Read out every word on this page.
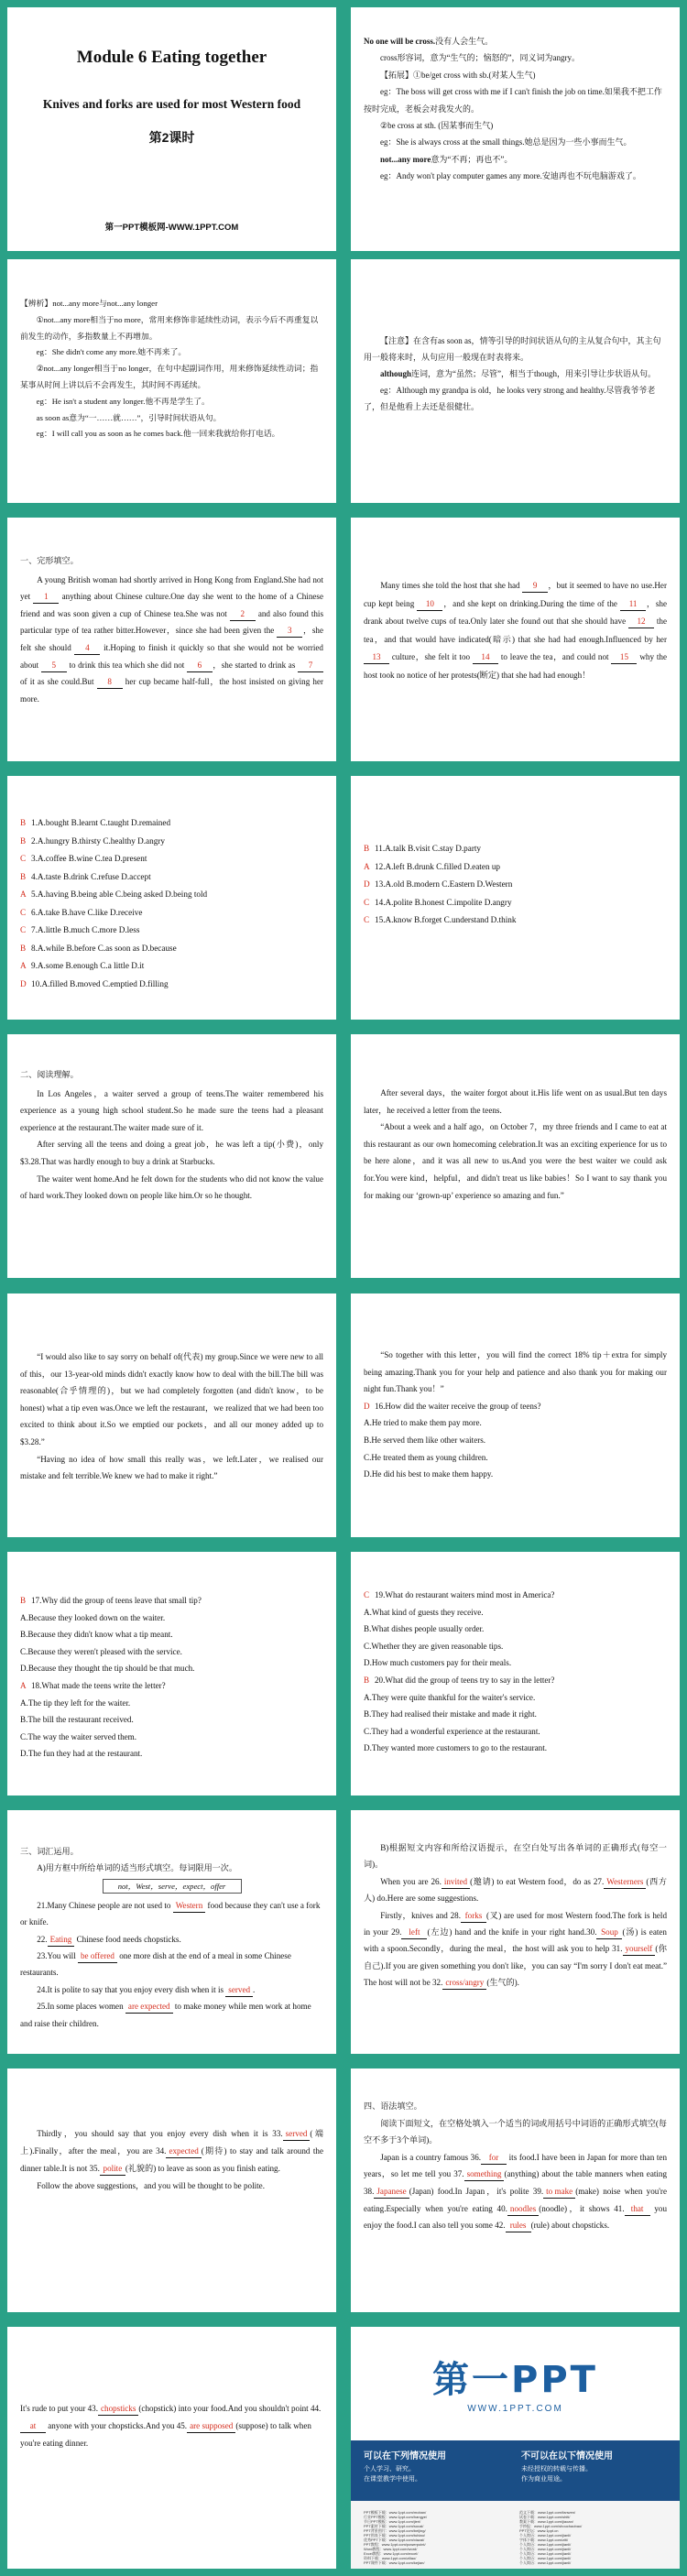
Module 6 Eating together
Knives and forks are used for most Western food
第2课时
第一PPT模板网-WWW.1PPT.COM

No one will be cross.没有人会生气。

cross形容词，意为“生气的；恼怒的”，同义词为angry。

【拓展】①be/get cross with sb.(对某人生气)

eg：The boss will get cross with me if I can't finish the job on time.如果我不把工作按时完成，老板会对我发火的。

②be cross at sth. (因某事而生气)

eg：She is always cross at the small things.她总是因为一些小事而生气。

not...any more意为“不再；再也不”。

eg：Andy won't play computer games any more.安迪再也不玩电脑游戏了。

【辨析】not...any more与not...any longer

①not...any more相当于no more，常用来修饰非延续性动词，表示今后不再重复以前发生的动作，多指数量上不再增加。

eg：She didn't come any more.她不再来了。

②not...any longer相当于no longer，在句中起副词作用，用来修饰延续性动词；指某事从时间上讲以后不会再发生，其时间不再延续。

eg：He isn't a student any longer.他不再是学生了。

as soon as意为“一……就……”，引导时间状语从句。

eg：I will call you as soon as he comes back.他一回来我就给你打电话。

【注意】在含有as soon as，情等引导的时间状语从句的主从复合句中，其主句用一般将来时，从句应用一般现在时表将来。

although连词，意为“虽然；尽管”，相当于though，用来引导让步状语从句。

eg：Although my grandpa is old，he looks very strong and healthy.尽管我爷爷老了，但是他看上去还是很健壮。

一、完形填空。

A young British woman had shortly arrived in Hong Kong from England.She had not yet 1 anything about Chinese culture.One day she went to the home of a Chinese friend and was soon given a cup of Chinese tea.She was not 2 and also found this particular type of tea rather bitter.However，since she had been given the 3 ，she felt she should 4 it.Hoping to finish it quickly so that she would not be worried about 5 to drink this tea which she did not 6 ，she started to drink as 7 of it as she could.But 8 her cup became half-full，the host insisted on giving her more.

Many times she told the host that she had 9 ，but it seemed to have no use.Her cup kept being 10 ，and she kept on drinking.During the time of the 11 ，she drank about twelve cups of tea.Only later she found out that she should have 12 the tea，and that would have indicated(暗示) that she had had enough.Influenced by her 13 culture，she felt it too 14 to leave the tea，and could not 15 why the host took no notice of her protests(断定) that she had had enough！

B 1.A.bought B.learnt C.taught D.remained
B 2.A.hungry B.thirsty C.healthy D.angry
C 3.A.coffee B.wine C.tea D.present
B 4.A.taste B.drink C.refuse D.accept
A 5.A.having B.being able C.being asked D.being told
C 6.A.take B.have C.like D.receive
C 7.A.little B.much C.more D.less
B 8.A.while B.before C.as soon as D.because
A 9.A.some B.enough C.a little D.it
D 10.A.filled B.moved C.emptied D.filling
B 11.A.talk B.visit C.stay D.party
A 12.A.left B.drunk C.filled D.eaten up
D 13.A.old B.modern C.Eastern D.Western
C 14.A.polite B.honest C.impolite D.angry
C 15.A.know B.forget C.understand D.think

二、阅读理解。

In Los Angeles，a waiter served a group of teens.The waiter remembered his experience as a young high school student.So he made sure the teens had a pleasant experience at the restaurant.The waiter made sure of it.

After serving all the teens and doing a great job，he was left a tip(小费)，only $3.28.That was hardly enough to buy a drink at Starbucks.

The waiter went home.And he felt down for the students who did not know the value of hard work.They looked down on people like him.Or so he thought.

After several days，the waiter forgot about it.His life went on as usual.But ten days later，he received a letter from the teens.

“About a week and a half ago，on October 7，my three friends and I came to eat at this restaurant as our own homecoming celebration.It was an exciting experience for us to be here alone，and it was all new to us.And you were the best waiter we could ask for.You were kind，helpful，and didn't treat us like babies！So I want to say thank you for making our ‘grown-up’ experience so amazing and fun.”

“I would also like to say sorry on behalf of(代表) my group.Since we were new to all of this，our 13-year-old minds didn't exactly know how to deal with the bill.The bill was reasonable(合乎情理的)，but we had completely forgotten (and didn't know，to be honest) what a tip even was.Once we left the restaurant，we realized that we had been too excited to think about it.So we emptied our pockets，and all our money added up to $3.28.”

“Having no idea of how small this really was，we left.Later，we realised our mistake and felt terrible.We knew we had to make it right.”

“So together with this letter，you will find the correct 18% tip＋extra for simply being amazing.Thank you for your help and patience and also thank you for making our night fun.Thank you！”

D 16.How did the waiter receive the group of teens?

A.He tried to make them pay more.

B.He served them like other waiters.

C.He treated them as young children.

D.He did his best to make them happy.

B 17.Why did the group of teens leave that small tip?

A.Because they looked down on the waiter.

B.Because they didn't know what a tip meant.

C.Because they weren't pleased with the service.

D.Because they thought the tip should be that much.

A 18.What made the teens write the letter?

A.The tip they left for the waiter.

B.The bill the restaurant received.

C.The way the waiter served them.

D.The fun they had at the restaurant.

C 19.What do restaurant waiters mind most in America?

A.What kind of guests they receive.

B.What dishes people usually order.

C.Whether they are given reasonable tips.

D.How much customers pay for their meals.

B 20.What did the group of teens try to say in the letter?

A.They were quite thankful for the waiter's service.

B.They had realised their mistake and made it right.

C.They had a wonderful experience at the restaurant.

D.They wanted more customers to go to the restaurant.

三、词汇运用。

A)用方框中所给单词的适当形式填空。每词限用一次。

not，West，serve，expect，offer

21.Many Chinese people are not used to Western food because they can't use a fork or knife.

22. Eating Chinese food needs chopsticks.

23.You will be offered one more dish at the end of a meal in some Chinese restaurants.

24.It is polite to say that you enjoy every dish when it is served .

25.In some places women are expected to make money while men work at home and raise their children.

B)根据短文内容和所给汉语提示，在空白处写出各单词的正确形式(每空一词)。

When you are 26. invited (邀请) to eat Western food，do as 27. Westerners (西方人) do.Here are some suggestions.

Firstly，knives and 28. forks (叉) are used for most Western food.The fork is held in your 29. left (左边) hand and the knife in your right hand.30. Soup (汤) is eaten with a spoon.Secondly，during the meal，the host will ask you to help 31. yourself (你自己).If you are given something you don't like，you can say “I'm sorry I don't eat meat.” The host will not be 32. cross/angry (生气的).

Thirdly，you should say that you enjoy every dish when it is 33. served (端上).Finally，after the meal，you are 34. expected (期待) to stay and talk around the dinner table.It is not 35. polite (礼貌的) to leave as soon as you finish eating.

Follow the above suggestions，and you will be thought to be polite.

四、语法填空。

阅读下面短文，在空格处填入一个适当的词或用括号中词语的正确形式填空(每空不多于3个单词)。

Japan is a country famous 36. for its food.I have been in Japan for more than ten years，so let me tell you 37. something (anything) about the table manners when eating 38. Japanese (Japan) food.In Japan，it's polite 39. to make (make) noise when you're eating.Especially when you're eating 40. noodles (noodle)，it shows 41. that you enjoy the food.I can also tell you some 42. rules (rule) about chopsticks.

It's rude to put your 43. chopsticks (chopstick) into your food.And you shouldn't point 44.at anyone with your chopsticks.And you 45. are supposed (suppose) to talk when you're eating dinner.

第一PPT
WWW.1PPT.COM
可以在下列情况使用
个人学习、研究。
在课堂教学中使用。
不可以在以下情况使用
未经授权的转载与传播。
作为商业用途。
PPT模板下载：www.1ppt.com/moban/
行业PPT模板：www.1ppt.com/hangye/
节日PPT模板：www.1ppt.com/jieri/
PPT素材下载：www.1ppt.com/sucai/
PPT背景图片：www.1ppt.com/beijing/
PPT图表下载：www.1ppt.com/tubiao/
优秀PPT下载：www.1ppt.com/xiazai/
PPT教程：www.1ppt.com/powerpoint/
Word教程：www.1ppt.com/word/
Excel教程：www.1ppt.com/excel/
资料下载：www.1ppt.com/ziliao/
PPT课件下载：www.1ppt.com/kejian/
范文下载：www.1ppt.com/fanwen/
试卷下载：www.1ppt.com/shiti/
教案下载：www.1ppt.com/jiaoan/
手抄报：www.1ppt.com/shouchaobao/
PPT论坛：www.1ppt.cn
个人简历：www.1ppt.com/jianli/
字体下载：www.1ppt.com/ziti/
个人简历：www.1ppt.com/jianli/
个人简历：www.1ppt.com/jianli/
个人简历：www.1ppt.com/jianli/
个人简历：www.1ppt.com/jianli/
个人简历：www.1ppt.com/jianli/
